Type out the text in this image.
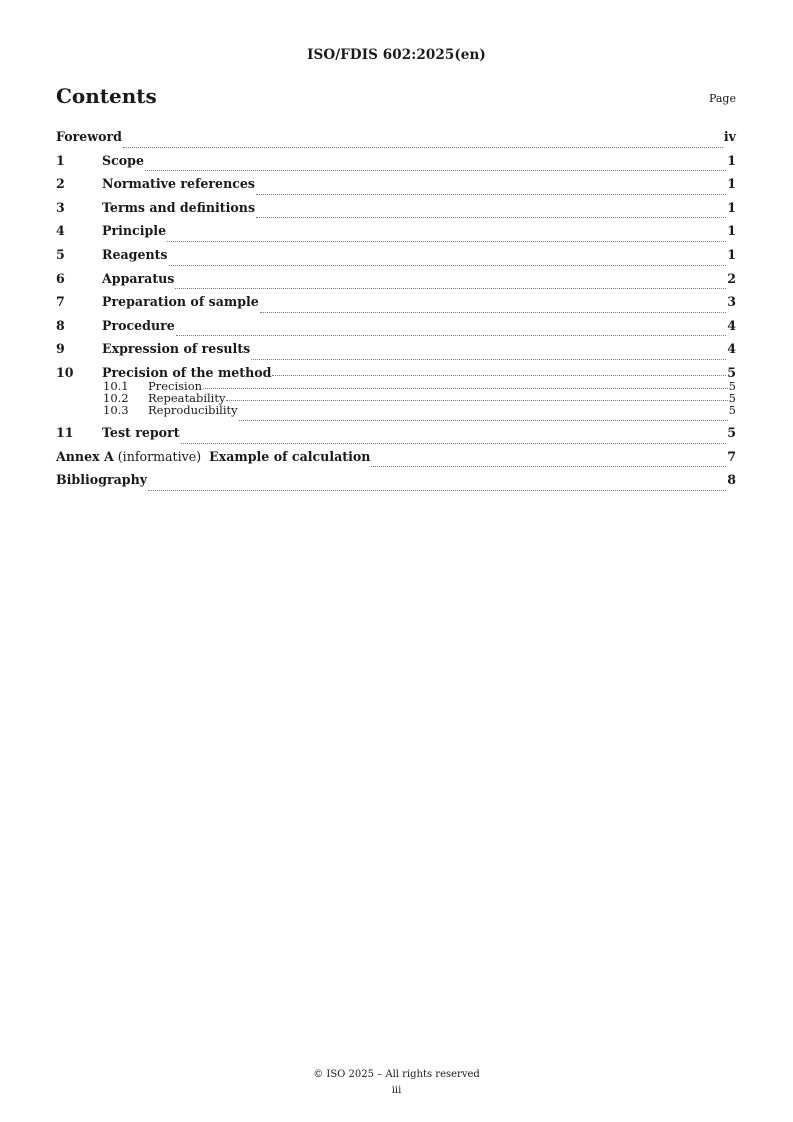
ISO/FDIS 602:2025(en)
Contents	Page
Foreword	iv
1	Scope	1
2	Normative references	1
3	Terms and definitions	1
4	Principle	1
5	Reagents	1
6	Apparatus	2
7	Preparation of sample	3
8	Procedure	4
9	Expression of results	4
10	Precision of the method	5
10.1	Precision	5
10.2	Repeatability	5
10.3	Reproducibility	5
11	Test report	5
Annex A (informative)  Example of calculation	7
Bibliography	8
© ISO 2025 – All rights reserved
iii
